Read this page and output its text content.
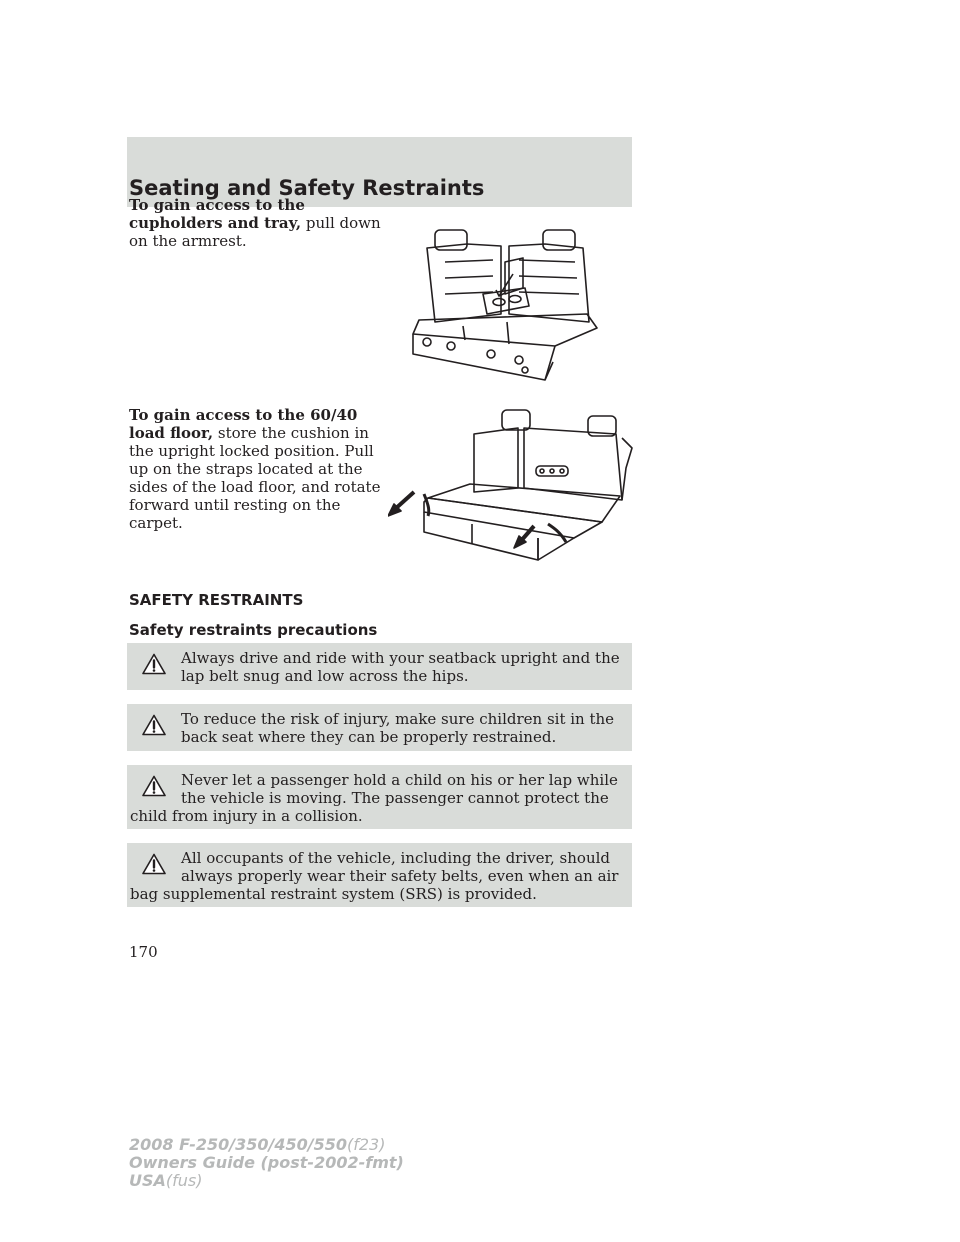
Seating and Safety Restraints
To gain access to the cupholders and tray, pull down on the armrest.
To gain access to the 60/40 load floor, store the cushion in the upright locked position. Pull up on the straps located at the sides of the load floor, and rotate forward until resting on the carpet.
SAFETY RESTRAINTS
Safety restraints precautions
Always drive and ride with your seatback upright and the lap belt snug and low across the hips.
To reduce the risk of injury, make sure children sit in the back seat where they can be properly restrained.
Never let a passenger hold a child on his or her lap while the vehicle is moving. The passenger cannot protect the child from injury in a collision.
All occupants of the vehicle, including the driver, should always properly wear their safety belts, even when an air bag supplemental restraint system (SRS) is provided.
170
2008 F-250/350/450/550(f23)
Owners Guide (post-2002-fmt)
USA(fus)
